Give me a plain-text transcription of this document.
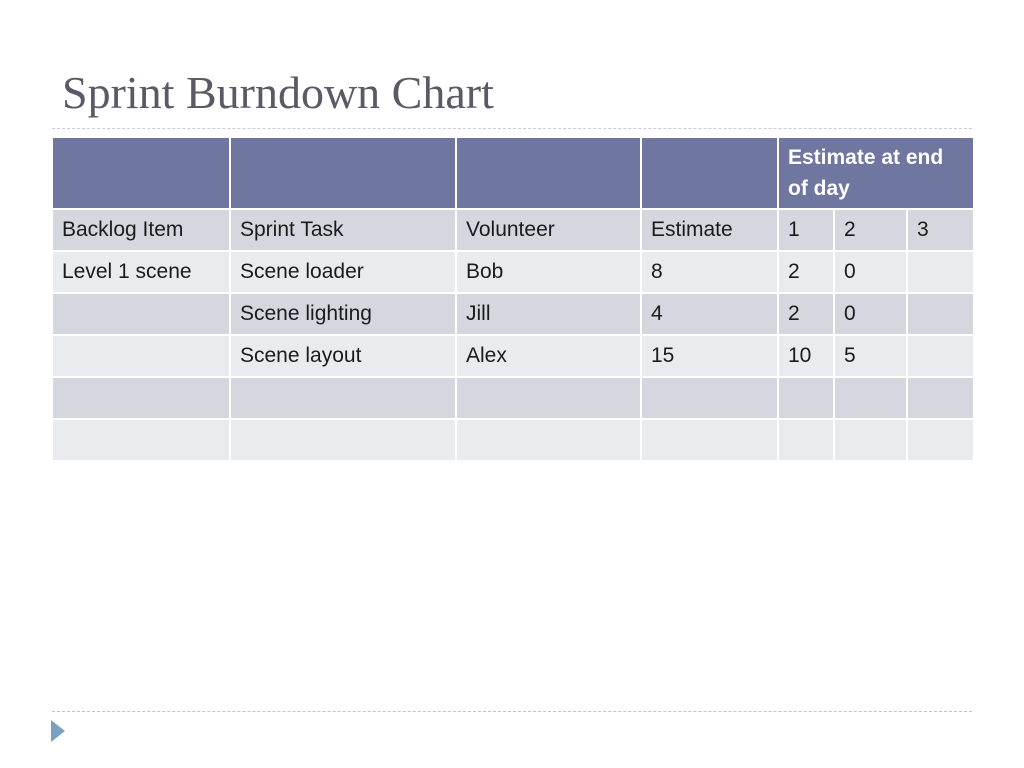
Sprint Burndown Chart
				Estimate at end of day		
Backlog Item	Sprint Task	Volunteer	Estimate	1	2	3
Level 1 scene	Scene loader	Bob	8	2	0	
	Scene lighting	Jill	4	2	0	
	Scene layout	Alex	15	10	5	
